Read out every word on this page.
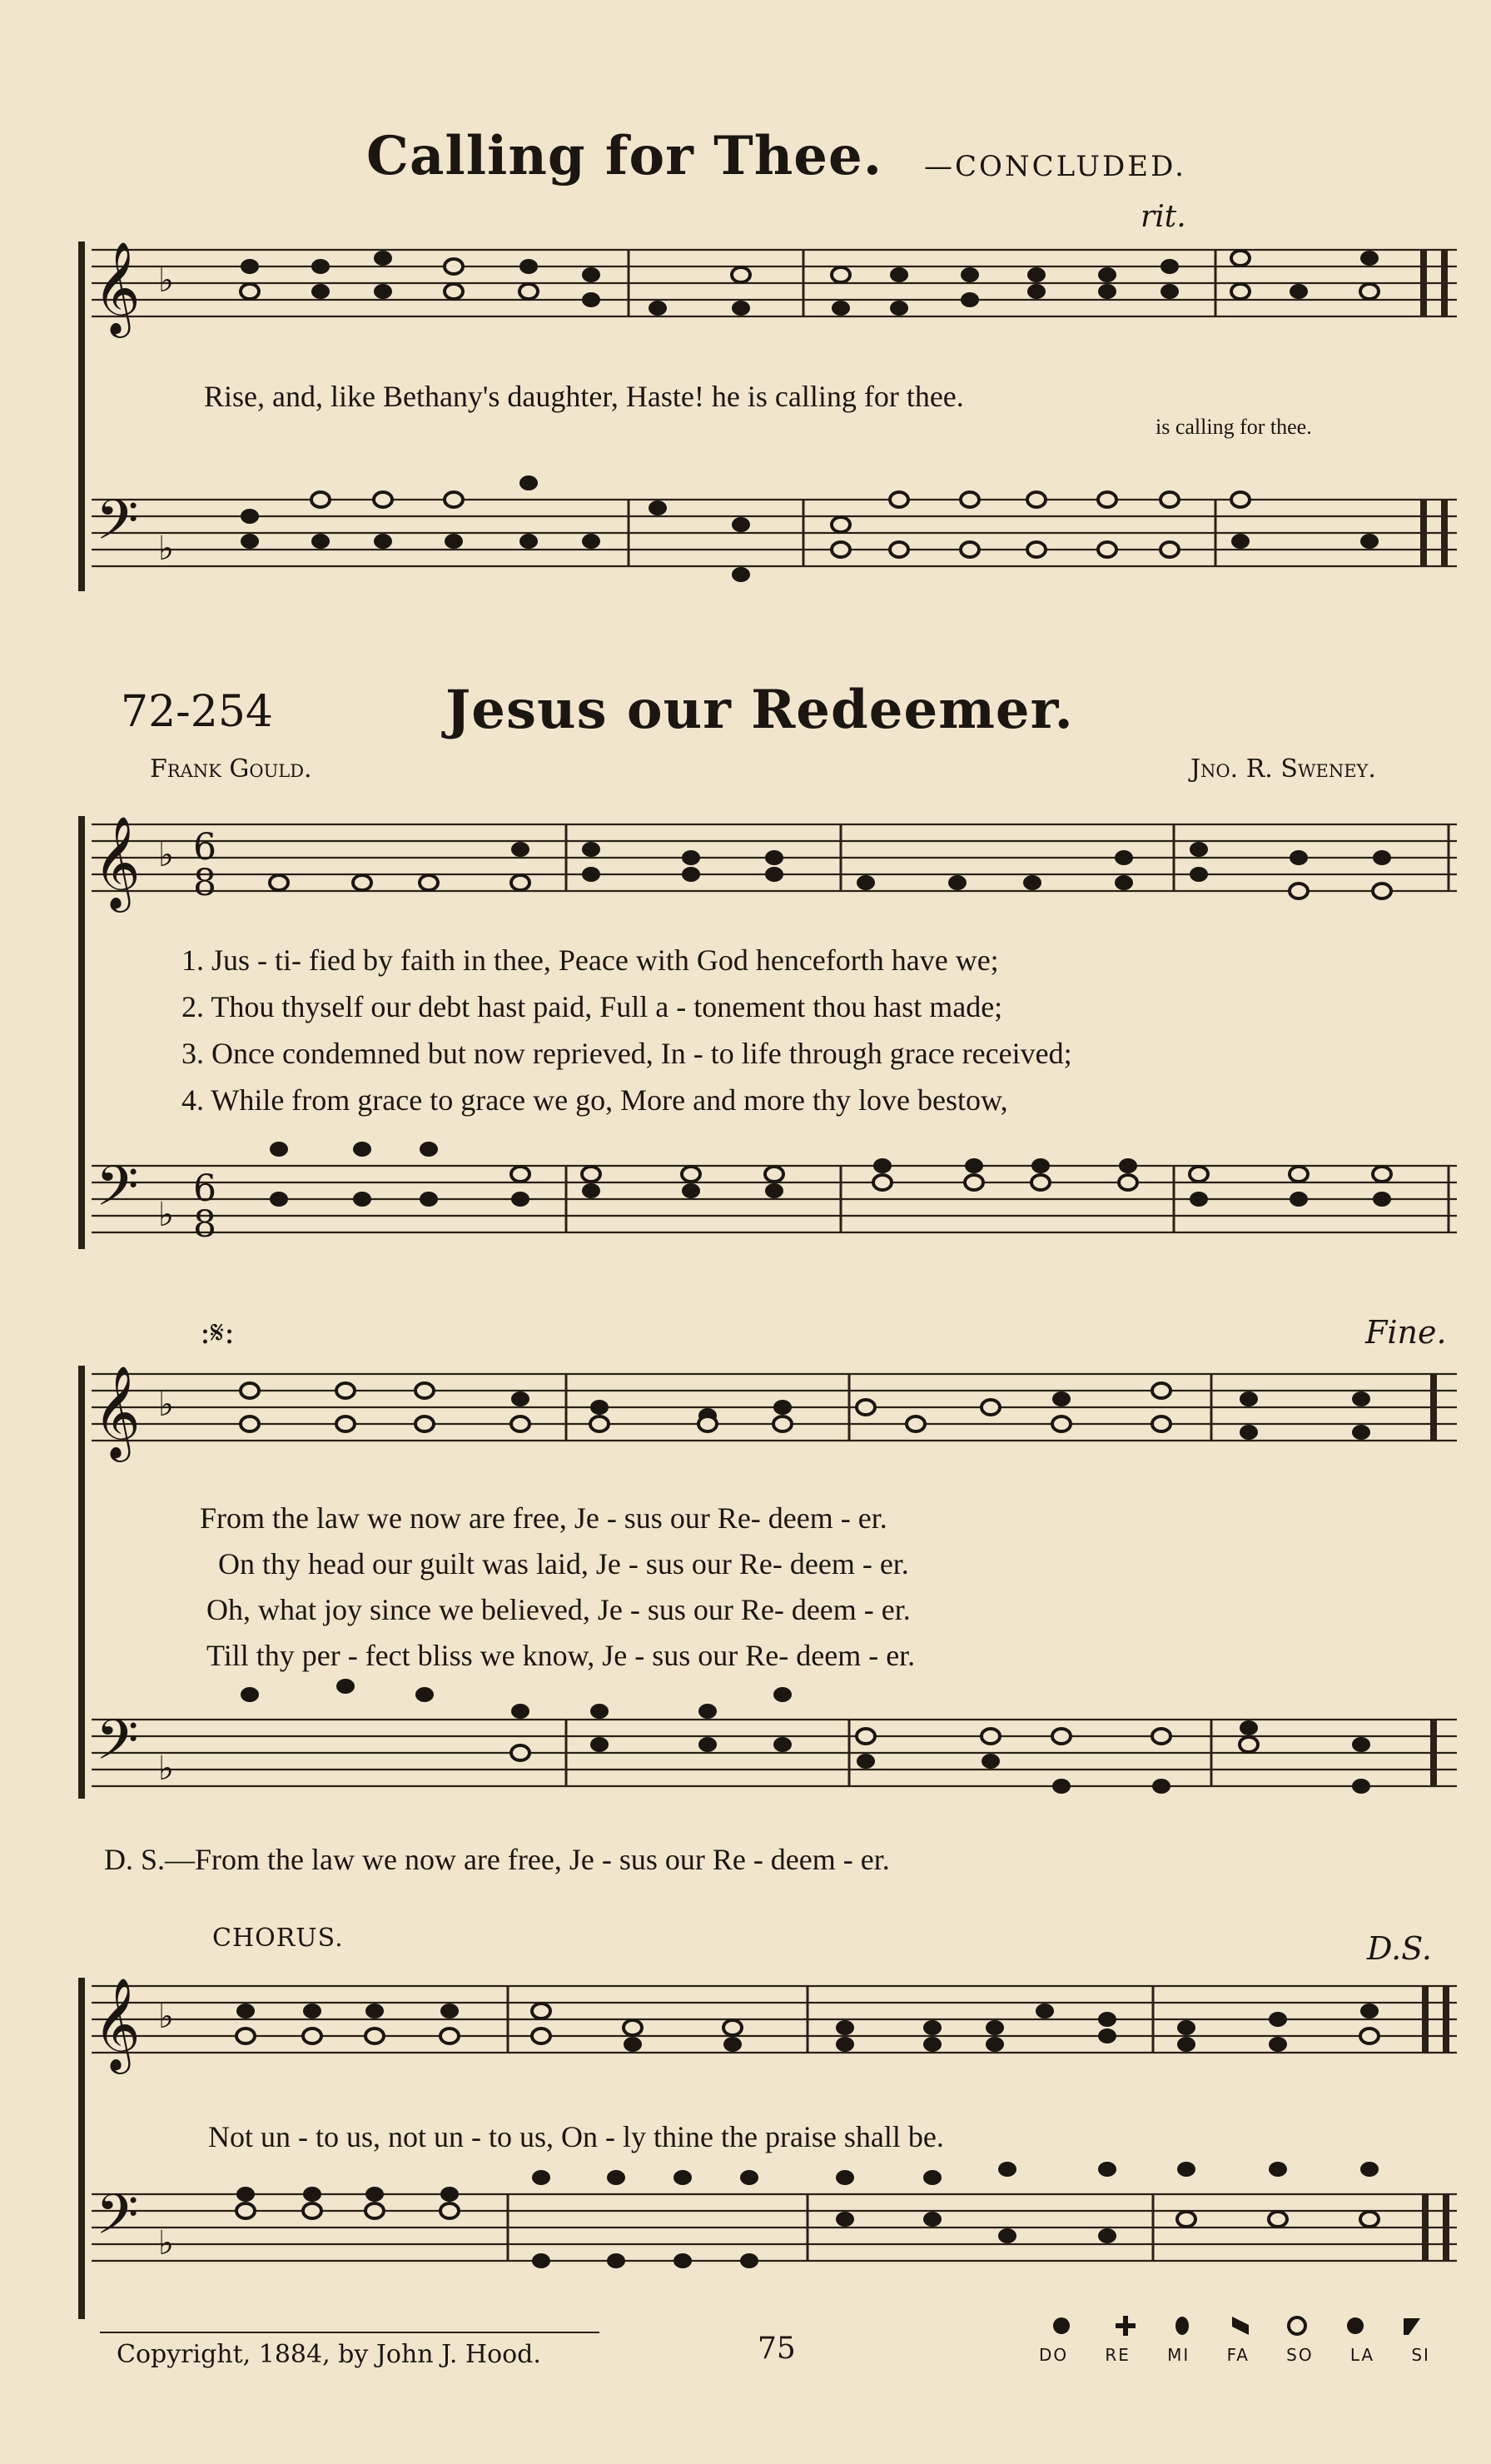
Calling for Thee. —CONCLUDED.
rit.
𝄞 ♭
Rise, and, like Bethany's daughter, Haste! he is calling for thee.
is calling for thee.
𝄢 ♭
72-254	Jesus our Redeemer.
Frank Gould.	Jno. R. Sweney.
𝄞 ♭ 6
8
1. Jus - ti- fied by faith in thee, Peace with God henceforth have we;
2. Thou thyself our debt hast paid, Full a - tonement thou hast made;
3. Once condemned but now reprieved, In - to life through grace received;
4. While from grace to grace we go, More and more thy love bestow,
𝄢 ♭
6
8
:𝄋:	Fine.
𝄞 ♭
From the law we now are free, Je - sus our Re- deem - er.
On thy head our guilt was laid, Je - sus our Re- deem - er.
Oh, what joy since we believed, Je - sus our Re- deem - er.
Till thy per - fect bliss we know, Je - sus our Re- deem - er.
𝄢 ♭
D. S.—From the law we now are free, Je - sus our Re - deem - er.
CHORUS.	D.S.
𝄞 ♭
Not un - to us, not un - to us, On - ly thine the praise shall be.
𝄢 ♭
Copyright, 1884, by John J. Hood.	75	DO RE MI FA SO LA SI
